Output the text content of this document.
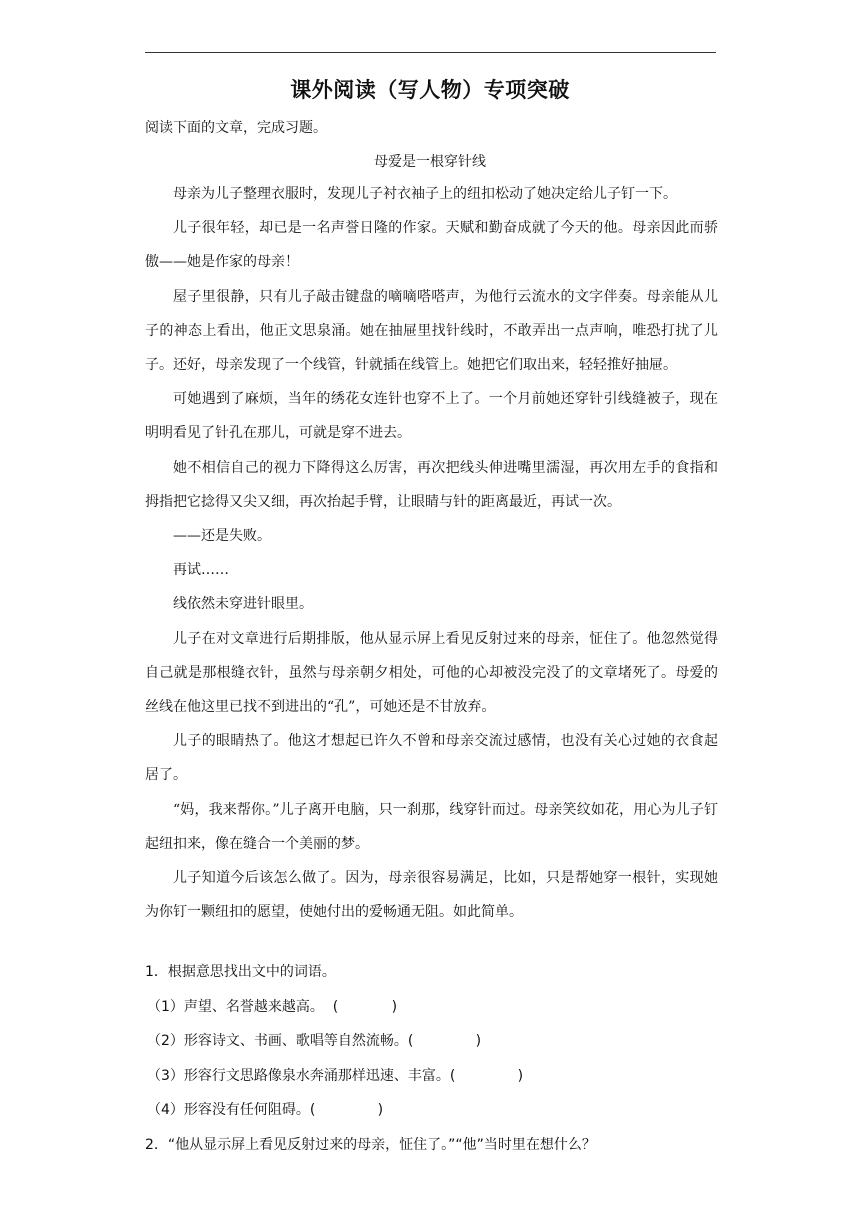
课外阅读（写人物）专项突破
阅读下面的文章，完成习题。
母爱是一根穿针线

母亲为儿子整理衣服时，发现儿子衬衣袖子上的纽扣松动了她决定给儿子钉一下。

儿子很年轻，却已是一名声誉日隆的作家。天赋和勤奋成就了今天的他。母亲因此而骄傲——她是作家的母亲！

屋子里很静，只有儿子敲击键盘的嘀嘀嗒嗒声，为他行云流水的文字伴奏。母亲能从儿子的神态上看出，他正文思泉涌。她在抽屉里找针线时，不敢弄出一点声响，唯恐打扰了儿子。还好，母亲发现了一个线管，针就插在线管上。她把它们取出来，轻轻推好抽屉。

可她遇到了麻烦，当年的绣花女连针也穿不上了。一个月前她还穿针引线缝被子，现在明明看见了针孔在那儿，可就是穿不进去。

她不相信自己的视力下降得这么厉害，再次把线头伸进嘴里濡湿，再次用左手的食指和拇指把它捻得又尖又细，再次抬起手臂，让眼睛与针的距离最近，再试一次。

——还是失败。

再试……

线依然未穿进针眼里。

儿子在对文章进行后期排版，他从显示屏上看见反射过来的母亲，怔住了。他忽然觉得自己就是那根缝衣针，虽然与母亲朝夕相处，可他的心却被没完没了的文章堵死了。母爱的丝线在他这里已找不到进出的“孔”，可她还是不甘放弃。

儿子的眼睛热了。他这才想起已许久不曾和母亲交流过感情，也没有关心过她的衣食起居了。

“妈，我来帮你。”儿子离开电脑，只一刹那，线穿针而过。母亲笑纹如花，用心为儿子钉起纽扣来，像在缝合一个美丽的梦。

儿子知道今后该怎么做了。因为，母亲很容易满足，比如，只是帮她穿一根针，实现她为你钉一颗纽扣的愿望，使她付出的爱畅通无阻。如此简单。

1．根据意思找出文中的词语。

（1）声望、名誉越来越高。  (            )

（2）形容诗文、书画、歌唱等自然流畅。(              )

（3）形容行文思路像泉水奔涌那样迅速、丰富。(              )

（4）形容没有任何阻碍。(              )

2．“他从显示屏上看见反射过来的母亲，怔住了。”“他”当时里在想什么？
